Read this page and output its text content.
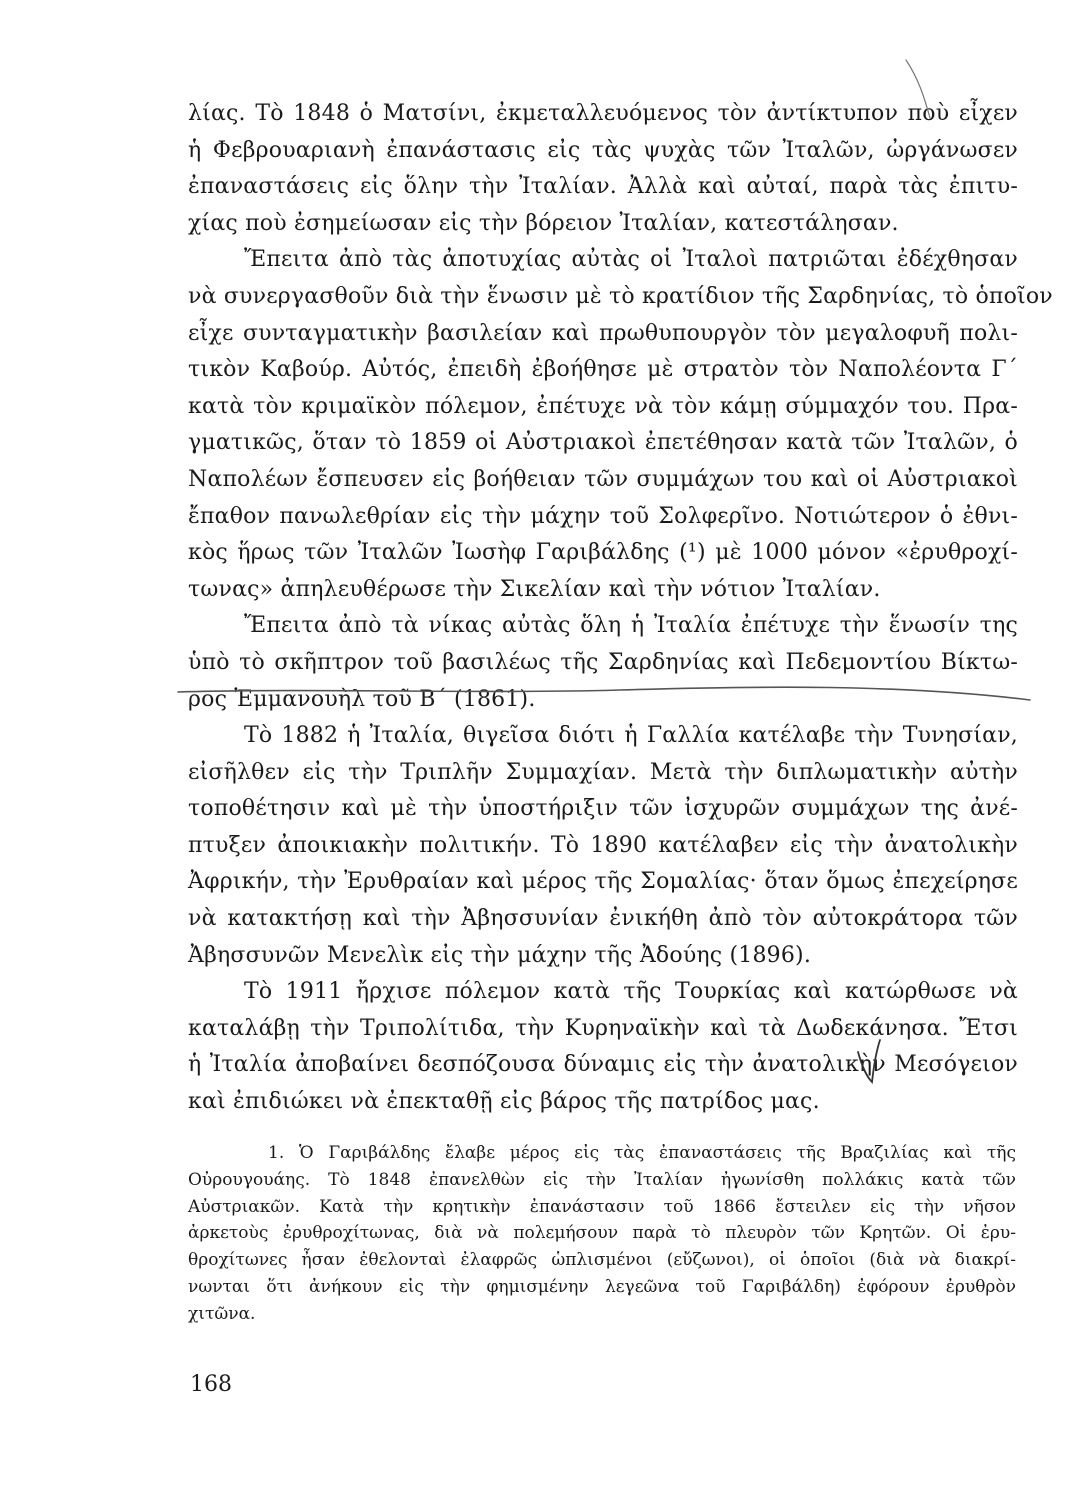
λίας. Τὸ 1848 ὁ Ματσίνι, ἐκμεταλλευόμενος τὸν ἀντίκτυπον ποὺ εἶχεν
ἡ Φεβρουαριανὴ ἐπανάστασις εἰς τὰς ψυχὰς τῶν Ἰταλῶν, ὠργάνωσεν
ἐπαναστάσεις εἰς ὅλην τὴν Ἰταλίαν. Ἀλλὰ καὶ αὐταί, παρὰ τὰς ἐπιτυ-
χίας ποὺ ἐσημείωσαν εἰς τὴν βόρειον Ἰταλίαν, κατεστάλησαν.
Ἔπειτα ἀπὸ τὰς ἀποτυχίας αὐτὰς οἱ Ἰταλοὶ πατριῶται ἐδέχθησαν
νὰ συνεργασθοῦν διὰ τὴν ἕνωσιν μὲ τὸ κρατίδιον τῆς Σαρδηνίας, τὸ ὁποῖον
εἶχε συνταγματικὴν βασιλείαν καὶ πρωθυπουργὸν τὸν μεγαλοφυῆ πολι-
τικὸν Καβούρ. Αὐτός, ἐπειδὴ ἐβοήθησε μὲ στρατὸν τὸν Ναπολέοντα Γ΄
κατὰ τὸν κριμαϊκὸν πόλεμον, ἐπέτυχε νὰ τὸν κάμῃ σύμμαχόν του. Πρα-
γματικῶς, ὅταν τὸ 1859 οἱ Αὐστριακοὶ ἐπετέθησαν κατὰ τῶν Ἰταλῶν, ὁ
Ναπολέων ἔσπευσεν εἰς βοήθειαν τῶν συμμάχων του καὶ οἱ Αὐστριακοὶ
ἔπαθον πανωλεθρίαν εἰς τὴν μάχην τοῦ Σολφερῖνο. Νοτιώτερον ὁ ἐθνι-
κὸς ἥρως τῶν Ἰταλῶν Ἰωσὴφ Γαριβάλδης (¹) μὲ 1000 μόνον «ἐρυθροχί-
τωνας» ἀπηλευθέρωσε τὴν Σικελίαν καὶ τὴν νότιον Ἰταλίαν.
Ἔπειτα ἀπὸ τὰ νίκας αὐτὰς ὅλη ἡ Ἰταλία ἐπέτυχε τὴν ἕνωσίν της
ὑπὸ τὸ σκῆπτρον τοῦ βασιλέως τῆς Σαρδηνίας καὶ Πεδεμοντίου Βίκτω-
ρος Ἐμμανουὴλ τοῦ Β΄ (1861).
Τὸ 1882 ἡ Ἰταλία, θιγεῖσα διότι ἡ Γαλλία κατέλαβε τὴν Τυνησίαν,
εἰσῆλθεν εἰς τὴν Τριπλῆν Συμμαχίαν. Μετὰ τὴν διπλωματικὴν αὐτὴν
τοποθέτησιν καὶ μὲ τὴν ὑποστήριξιν τῶν ἰσχυρῶν συμμάχων της ἀνέ-
πτυξεν ἀποικιακὴν πολιτικήν. Τὸ 1890 κατέλαβεν εἰς τὴν ἀνατολικὴν
Ἀφρικήν, τὴν Ἐρυθραίαν καὶ μέρος τῆς Σομαλίας· ὅταν ὅμως ἐπεχείρησε
νὰ κατακτήσῃ καὶ τὴν Ἀβησσυνίαν ἐνικήθη ἀπὸ τὸν αὐτοκράτορα τῶν
Ἀβησσυνῶν Μενελὶκ εἰς τὴν μάχην τῆς Ἀδούης (1896).
Τὸ 1911 ἤρχισε πόλεμον κατὰ τῆς Τουρκίας καὶ κατώρθωσε νὰ
καταλάβῃ τὴν Τριπολίτιδα, τὴν Κυρηναϊκὴν καὶ τὰ Δωδεκάνησα. Ἔτσι
ἡ Ἰταλία ἀποβαίνει δεσπόζουσα δύναμις εἰς τὴν ἀνατολικὴν Μεσόγειον
καὶ ἐπιδιώκει νὰ ἐπεκταθῇ εἰς βάρος τῆς πατρίδος μας.
1. Ὁ Γαριβάλδης ἔλαβε μέρος εἰς τὰς ἐπαναστάσεις τῆς Βραζιλίας καὶ τῆς
Οὐρουγουάης. Τὸ 1848 ἐπανελθὼν εἰς τὴν Ἰταλίαν ἠγωνίσθη πολλάκις κατὰ τῶν
Αὐστριακῶν. Κατὰ τὴν κρητικὴν ἐπανάστασιν τοῦ 1866 ἔστειλεν εἰς τὴν νῆσον
ἀρκετοὺς ἐρυθροχίτωνας, διὰ νὰ πολεμήσουν παρὰ τὸ πλευρὸν τῶν Κρητῶν. Οἱ ἐρυ-
θροχίτωνες ἦσαν ἐθελονταὶ ἐλαφρῶς ὡπλισμένοι (εὔζωνοι), οἱ ὁποῖοι (διὰ νὰ διακρί-
νωνται ὅτι ἀνήκουν εἰς τὴν φημισμένην λεγεῶνα τοῦ Γαριβάλδη) ἐφόρουν ἐρυθρὸν
χιτῶνα.
168
